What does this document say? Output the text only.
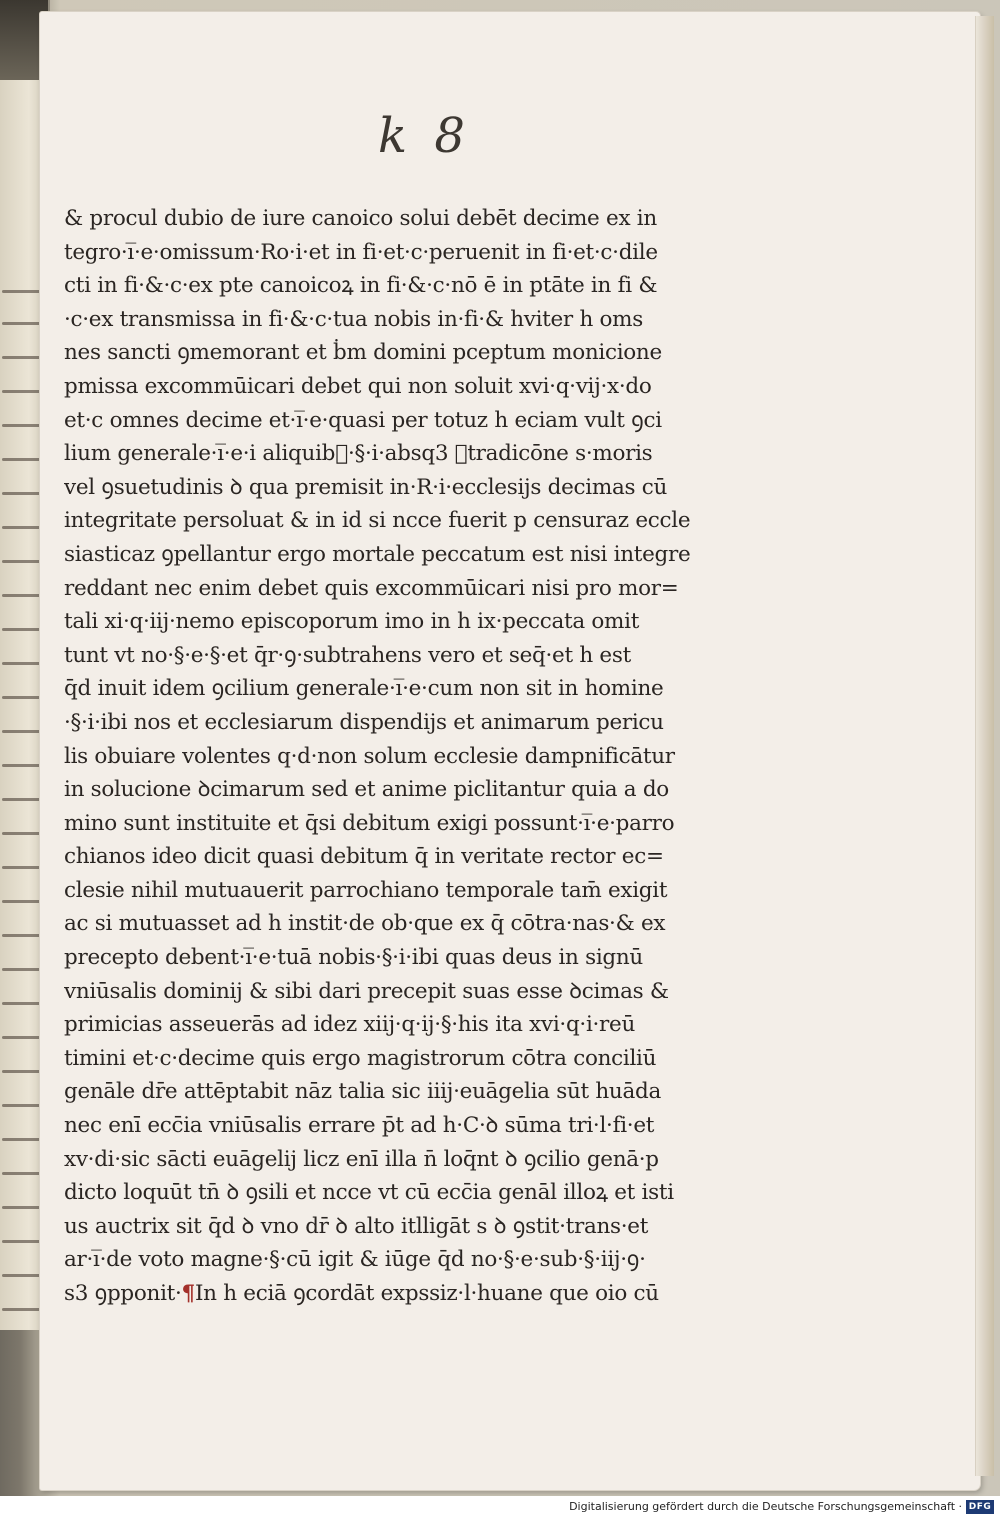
k 8
& procul dubio de iure canoico solui debēt decime ex in
tegro·i̅·e·omissum·Ro·i·et in fi·et·c·peruenit in fi·et·c·dile
cti in fi·&·c·ex pte canoicoꝝ in fi·&·c·nō ē in ptāte in fi &
·c·ex transmissa in fi·&·c·tua nobis in·fi·& hviter h oms
nes sancti ꝯmemorant et ḃm domini pceptum monicione
pmissa excommūicari debet qui non soluit xvi·q·vij·x·do
et·c omnes decime et·i̅·e·quasi per totuz h eciam vult ꝯci
lium generale·i̅·e·i aliquib᷒·§·i·absq3 ꝯtradicōne s·moris
vel ꝯsuetudinis ꝺ qua premisit in·R·i·ecclesijs decimas cū
integritate persoluat & in id si ncce fuerit p censuraz eccle
siasticaz ꝯpellantur ergo mortale peccatum est nisi integre
reddant nec enim debet quis excommūicari nisi pro mor=
tali xi·q·iij·nemo episcoporum imo in h ix·peccata omit
tunt vt no·§·e·§·et q̄r·ꝯ·subtrahens vero et seq̄·et h est
q̄d inuit idem ꝯcilium generale·i̅·e·cum non sit in homine
·§·i·ibi nos et ecclesiarum dispendijs et animarum pericu
lis obuiare volentes q·d·non solum ecclesie dampnificātur
in solucione ꝺcimarum sed et anime piclitantur quia a do
mino sunt instituite et q̄si debitum exigi possunt·i̅·e·parro
chianos ideo dicit quasi debitum q̄ in veritate rector ec=
clesie nihil mutuauerit parrochiano temporale tam̄ exigit
ac si mutuasset ad h instit·de ob·que ex q̄ cōtra·nas·& ex
precepto debent·i̅·e·tuā nobis·§·i·ibi quas deus in signū
vniūsalis dominij & sibi dari precepit suas esse ꝺcimas &
primicias asseuerās ad idez xiij·q·ij·§·his ita xvi·q·i·reū
timini et·c·decime quis ergo magistrorum cōtra conciliū
genāle dr̄e attēptabit nāz talia sic iiij·euāgelia sūt huāda
nec enī ecc̄ia vniūsalis errare p̄t ad h·C·ꝺ sūma tri·l·fi·et
xv·di·sic sācti euāgelij licz enī illa n̄ loq̄nt ꝺ ꝯcilio genā·p
dicto loquūt tn̄ ꝺ ꝯsili et ncce vt cū ecc̄ia genāl illoꝝ et isti
us auctrix sit q̄d ꝺ vno dr̄ ꝺ alto itlligāt s ꝺ ꝯstit·trans·et
ar·i̅·de voto magne·§·cū igit & iūge q̄d no·§·e·sub·§·iij·ꝯ·
s3 ꝯpponit·¶In h eciā ꝯcordāt expssiz·l·huane que oio cū
Digitalisierung gefördert durch die Deutsche Forschungsgemeinschaft · DFG
